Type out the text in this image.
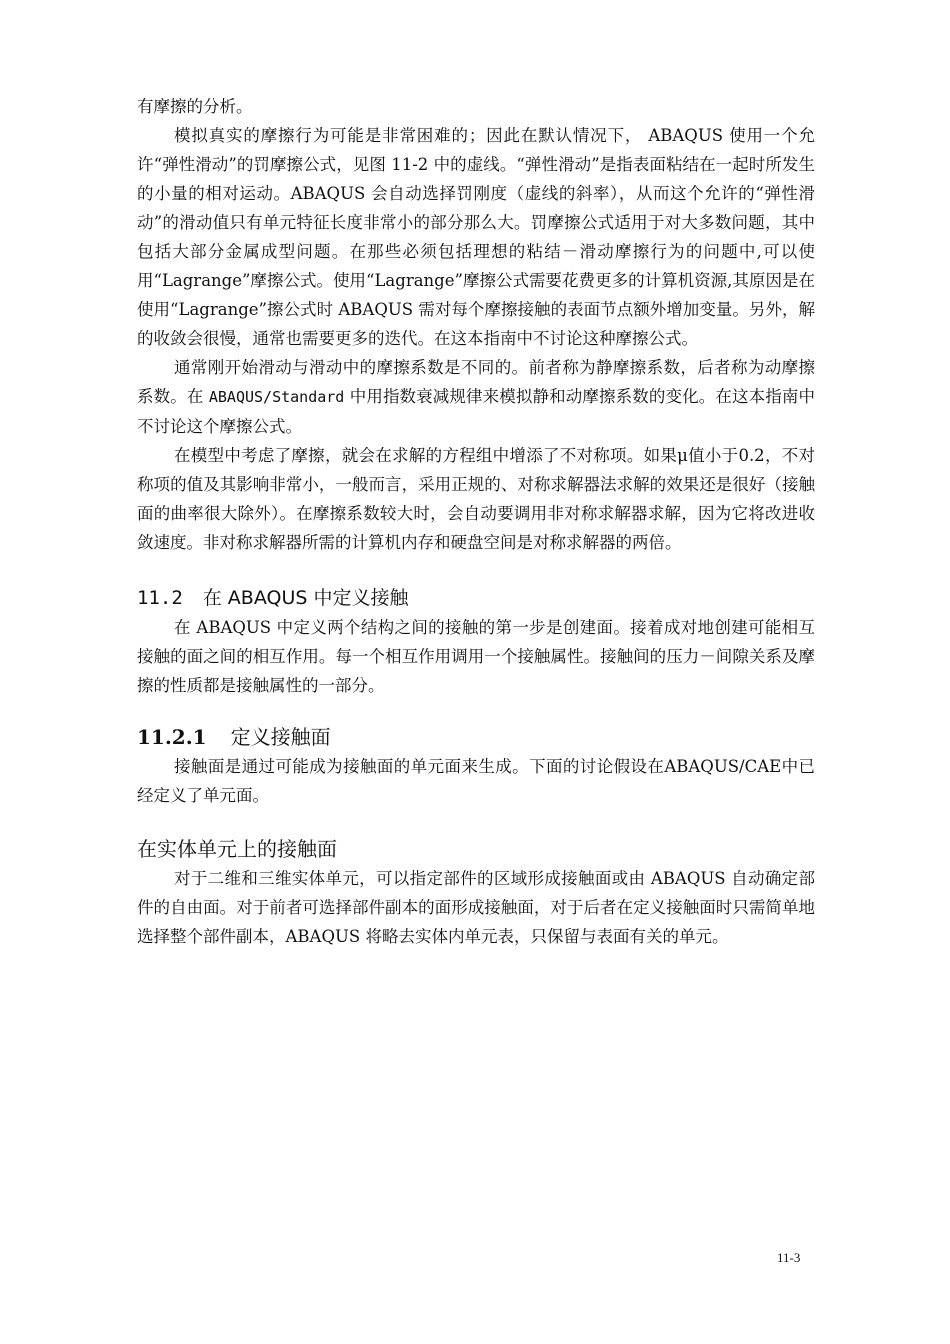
有摩擦的分析。

模拟真实的摩擦行为可能是非常困难的；因此在默认情况下， ABAQUS 使用一个允许“弹性滑动”的罚摩擦公式，见图 11-2 中的虚线。“弹性滑动”是指表面粘结在一起时所发生的小量的相对运动。ABAQUS 会自动选择罚刚度（虚线的斜率），从而这个允许的“弹性滑动”的滑动值只有单元特征长度非常小的部分那么大。罚摩擦公式适用于对大多数问题，其中包括大部分金属成型问题。在那些必须包括理想的粘结－滑动摩擦行为的问题中,可以使用“Lagrange”摩擦公式。使用“Lagrange”摩擦公式需要花费更多的计算机资源,其原因是在使用“Lagrange”擦公式时 ABAQUS 需对每个摩擦接触的表面节点额外增加变量。另外，解的收敛会很慢，通常也需要更多的迭代。在这本指南中不讨论这种摩擦公式。

通常刚开始滑动与滑动中的摩擦系数是不同的。前者称为静摩擦系数，后者称为动摩擦系数。在 ABAQUS/Standard 中用指数衰减规律来模拟静和动摩擦系数的变化。在这本指南中不讨论这个摩擦公式。

在模型中考虑了摩擦，就会在求解的方程组中增添了不对称项。如果μ值小于0.2，不对称项的值及其影响非常小，一般而言，采用正规的、对称求解器法求解的效果还是很好（接触面的曲率很大除外）。在摩擦系数较大时，会自动要调用非对称求解器求解，因为它将改进收敛速度。非对称求解器所需的计算机内存和硬盘空间是对称求解器的两倍。

11.2 在 ABAQUS 中定义接触

在 ABAQUS 中定义两个结构之间的接触的第一步是创建面。接着成对地创建可能相互接触的面之间的相互作用。每一个相互作用调用一个接触属性。接触间的压力－间隙关系及摩擦的性质都是接触属性的一部分。

11.2.1 定义接触面

接触面是通过可能成为接触面的单元面来生成。下面的讨论假设在ABAQUS/CAE中已经定义了单元面。

在实体单元上的接触面

对于二维和三维实体单元，可以指定部件的区域形成接触面或由 ABAQUS 自动确定部件的自由面。对于前者可选择部件副本的面形成接触面，对于后者在定义接触面时只需简单地选择整个部件副本，ABAQUS 将略去实体内单元表，只保留与表面有关的单元。

11-3
